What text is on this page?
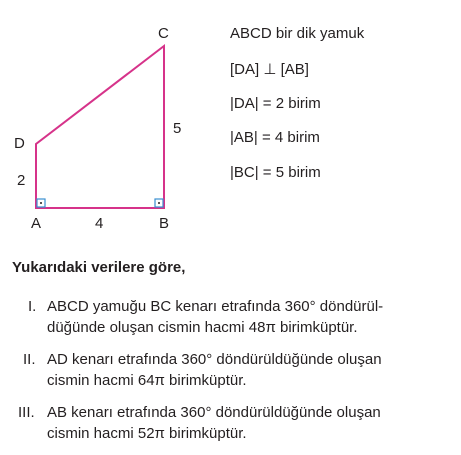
C
D
A	B
4
5
2
ABCD bir dik yamuk
[DA] ⊥ [AB]
|DA| = 2 birim
|AB| = 4 birim
|BC| = 5 birim
Yukarıdaki verilere göre,
I. ABCD yamuğu BC kenarı etrafında 360° döndürül-
düğünde oluşan cismin hacmi 48π birimküptür.
II. AD kenarı etrafında 360° döndürüldüğünde oluşan
cismin hacmi 64π birimküptür.
III. AB kenarı etrafında 360° döndürüldüğünde oluşan
cismin hacmi 52π birimküptür.
